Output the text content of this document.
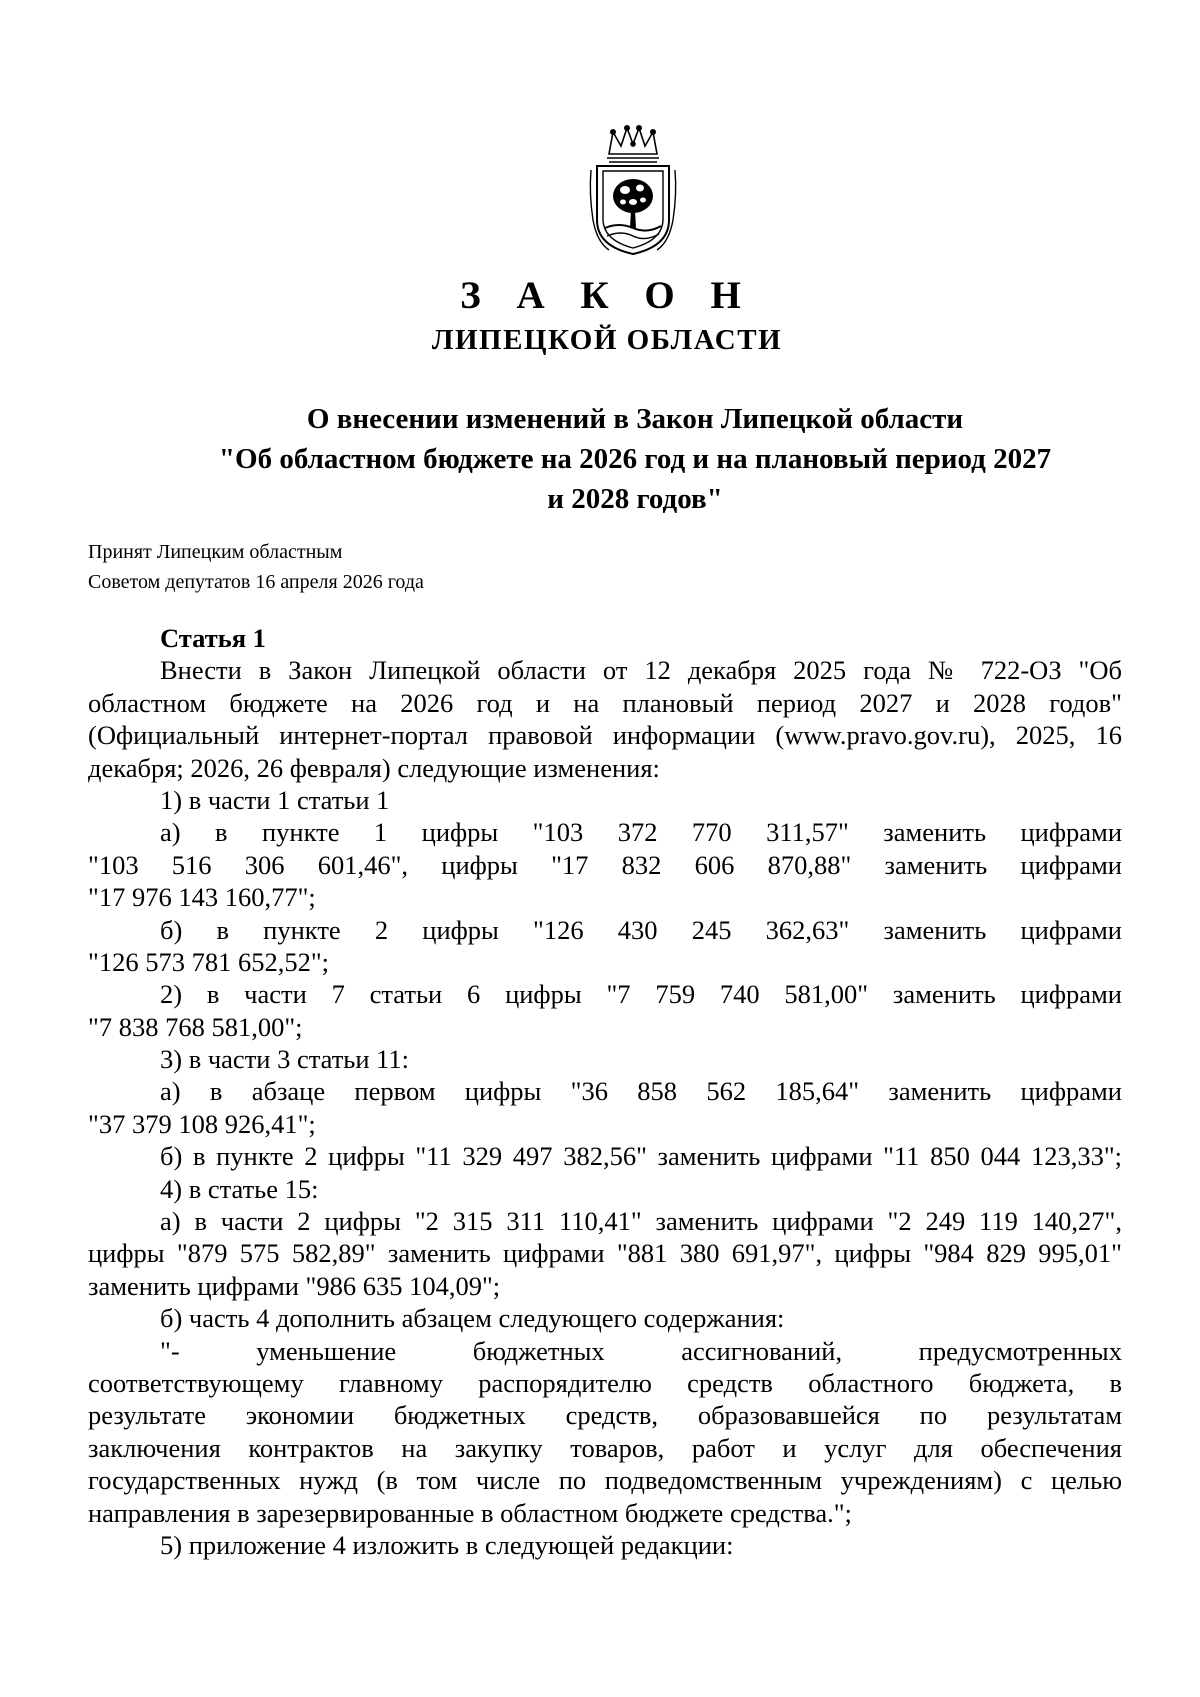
З А К О Н
ЛИПЕЦКОЙ ОБЛАСТИ
О внесении изменений в Закон Липецкой области
"Об областном бюджете на 2026 год и на плановый период 2027
и 2028 годов"
Принят Липецким областным
Советом депутатов 16 апреля 2026 года
Статья 1
Внести в Закон Липецкой области от 12 декабря 2025 года № 722-ОЗ "Об
областном бюджете на 2026 год и на плановый период 2027 и 2028 годов"
(Официальный интернет-портал правовой информации (www.pravo.gov.ru), 2025, 16
декабря; 2026, 26 февраля) следующие изменения:
1) в части 1 статьи 1
а) в пункте 1 цифры "103 372 770 311,57" заменить цифрами
"103 516 306 601,46", цифры "17 832 606 870,88" заменить цифрами
"17 976 143 160,77";
б) в пункте 2 цифры "126 430 245 362,63" заменить цифрами
"126 573 781 652,52";
2) в части 7 статьи 6 цифры "7 759 740 581,00" заменить цифрами
"7 838 768 581,00";
3) в части 3 статьи 11:
а) в абзаце первом цифры "36 858 562 185,64" заменить цифрами
"37 379 108 926,41";
б) в пункте 2 цифры "11 329 497 382,56" заменить цифрами "11 850 044 123,33";
4) в статье 15:
а) в части 2 цифры "2 315 311 110,41" заменить цифрами "2 249 119 140,27",
цифры "879 575 582,89" заменить цифрами "881 380 691,97", цифры "984 829 995,01"
заменить цифрами "986 635 104,09";
б) часть 4 дополнить абзацем следующего содержания:
"- уменьшение бюджетных ассигнований, предусмотренных
соответствующему главному распорядителю средств областного бюджета, в
результате экономии бюджетных средств, образовавшейся по результатам
заключения контрактов на закупку товаров, работ и услуг для обеспечения
государственных нужд (в том числе по подведомственным учреждениям) с целью
направления в зарезервированные в областном бюджете средства.";
5) приложение 4 изложить в следующей редакции:
